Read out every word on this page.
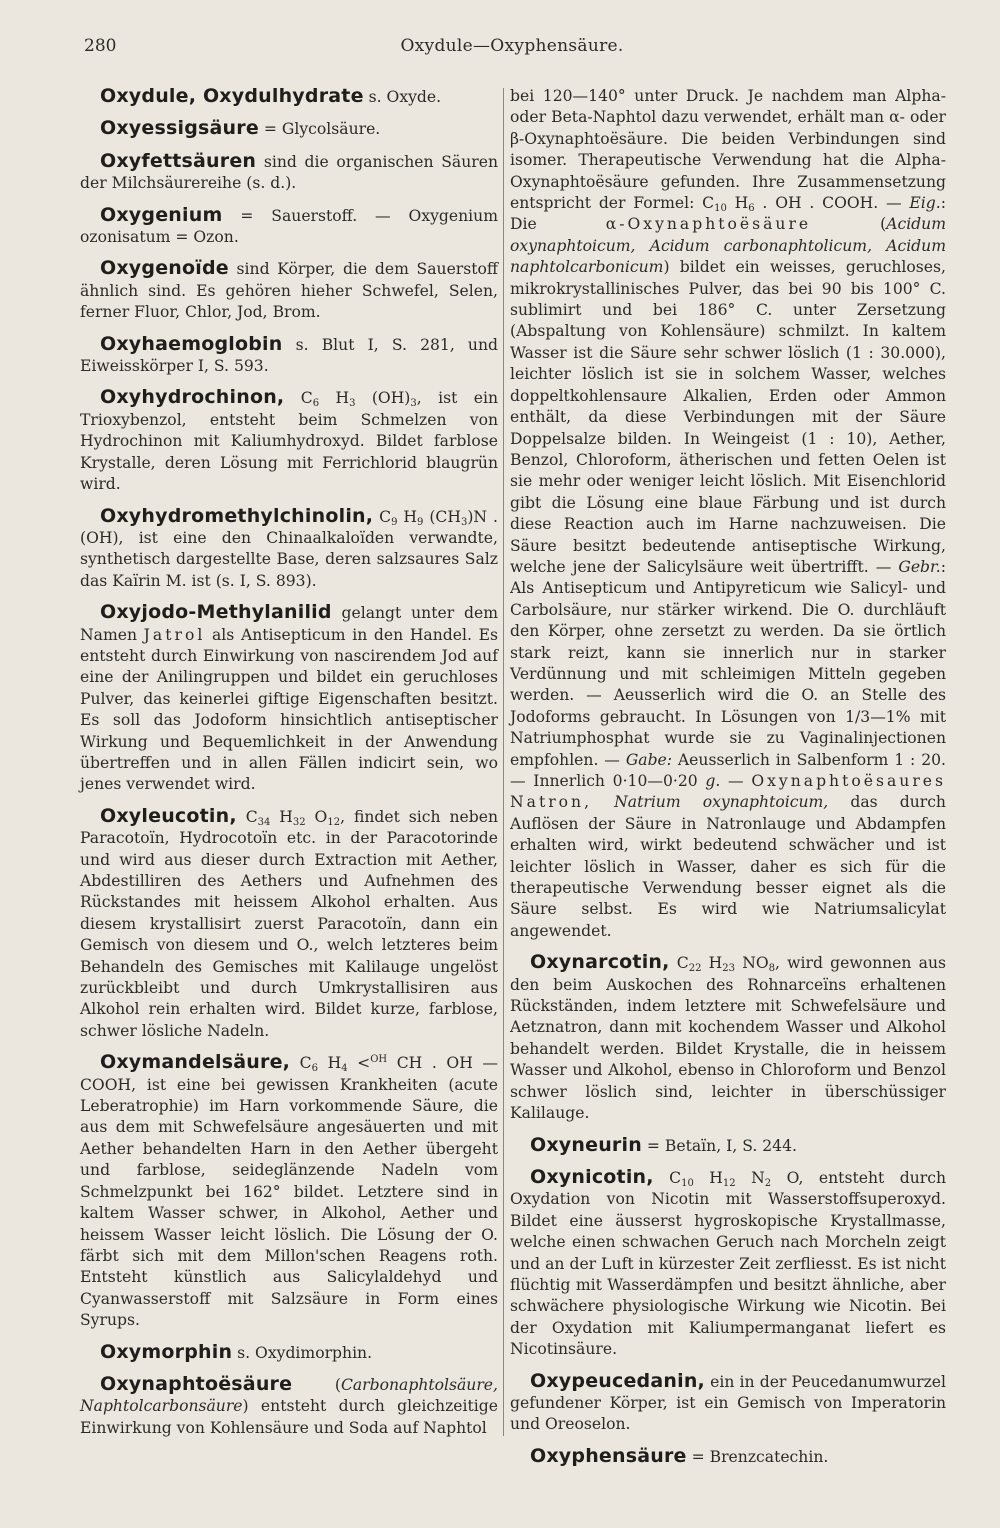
280	Oxydule—Oxyphensäure.

Oxydule, Oxydulhydrate s. Oxyde.

Oxyessigsäure = Glycolsäure.

Oxyfettsäuren sind die organischen Säuren der Milchsäurereihe (s. d.).

Oxygenium = Sauerstoff. — Oxygenium ozonisatum = Ozon.

Oxygenoïde sind Körper, die dem Sauerstoff ähnlich sind. Es gehören hieher Schwefel, Selen, ferner Fluor, Chlor, Jod, Brom.

Oxyhaemoglobin s. Blut I, S. 281, und Eiweisskörper I, S. 593.

Oxyhydrochinon, $C_6$ $H_3$ $(OH)_3$, ist ein Trioxybenzol, entsteht beim Schmelzen von Hydrochinon mit Kaliumhydroxyd. Bildet farblose Krystalle, deren Lösung mit Ferrichlorid blaugrün wird.

Oxyhydromethylchinolin, $C_9$ $H_9$ $(CH_3)N$ . (OH), ist eine den Chinaalkaloïden verwandte, synthetisch dargestellte Base, deren salzsaures Salz das Kaïrin M. ist (s. I, S. 893).

Oxyjodo-Methylanilid gelangt unter dem Namen Jatrol als Antisepticum in den Handel. Es entsteht durch Einwirkung von nascirendem Jod auf eine der Anilingruppen und bildet ein geruchloses Pulver, das keinerlei giftige Eigenschaften besitzt. Es soll das Jodoform hinsichtlich antiseptischer Wirkung und Bequemlichkeit in der Anwendung übertreffen und in allen Fällen indicirt sein, wo jenes verwendet wird.

Oxyleucotin, $C_{34}$ $H_{32}$ $O_{12}$, findet sich neben Paracotoïn, Hydrocotoïn etc. in der Paracotorinde und wird aus dieser durch Extraction mit Aether, Abdestilliren des Aethers und Aufnehmen des Rückstandes mit heissem Alkohol erhalten. Aus diesem krystallisirt zuerst Paracotoïn, dann ein Gemisch von diesem und O., welch letzteres beim Behandeln des Gemisches mit Kalilauge ungelöst zurückbleibt und durch Umkrystallisiren aus Alkohol rein erhalten wird. Bildet kurze, farblose, schwer lösliche Nadeln.

Oxymandelsäure, $C_6$ $H_4 <^{OH}$ CH . OH — COOH, ist eine bei gewissen Krankheiten (acute Leberatrophie) im Harn vorkommende Säure, die aus dem mit Schwefelsäure angesäuerten und mit Aether behandelten Harn in den Aether übergeht und farblose, seideglänzende Nadeln vom Schmelzpunkt bei 162° bildet. Letztere sind in kaltem Wasser schwer, in Alkohol, Aether und heissem Wasser leicht löslich. Die Lösung der O. färbt sich mit dem Millon'schen Reagens roth. Entsteht künstlich aus Salicylaldehyd und Cyanwasserstoff mit Salzsäure in Form eines Syrups.

Oxymorphin s. Oxydimorphin.

Oxynaphtoësäure (Carbonaphtolsäure, Naphtolcarbonsäure) entsteht durch gleichzeitige Einwirkung von Kohlensäure und Soda auf Naphtol

bei 120—140° unter Druck. Je nachdem man Alpha- oder Beta-Naphtol dazu verwendet, erhält man α- oder β-Oxynaphtoësäure. Die beiden Verbindungen sind isomer. Therapeutische Verwendung hat die Alpha-Oxynaphtoësäure gefunden. Ihre Zusammensetzung entspricht der Formel: $C_{10}$ $H_6$ . OH . COOH. — Eig.: Die α-Oxynaphtoësäure (Acidum oxynaphtoicum, Acidum carbonaphtolicum, Acidum naphtolcarbonicum) bildet ein weisses, geruchloses, mikrokrystallinisches Pulver, das bei 90 bis 100° C. sublimirt und bei 186° C. unter Zersetzung (Abspaltung von Kohlensäure) schmilzt. In kaltem Wasser ist die Säure sehr schwer löslich (1 : 30.000), leichter löslich ist sie in solchem Wasser, welches doppeltkohlensaure Alkalien, Erden oder Ammon enthält, da diese Verbindungen mit der Säure Doppelsalze bilden. In Weingeist (1 : 10), Aether, Benzol, Chloroform, ätherischen und fetten Oelen ist sie mehr oder weniger leicht löslich. Mit Eisenchlorid gibt die Lösung eine blaue Färbung und ist durch diese Reaction auch im Harne nachzuweisen. Die Säure besitzt bedeutende antiseptische Wirkung, welche jene der Salicylsäure weit übertrifft. — Gebr.: Als Antisepticum und Antipyreticum wie Salicyl- und Carbolsäure, nur stärker wirkend. Die O. durchläuft den Körper, ohne zersetzt zu werden. Da sie örtlich stark reizt, kann sie innerlich nur in starker Verdünnung und mit schleimigen Mitteln gegeben werden. — Aeusserlich wird die O. an Stelle des Jodoforms gebraucht. In Lösungen von 1/3—1% mit Natriumphosphat wurde sie zu Vaginalinjectionen empfohlen. — Gabe: Aeusserlich in Salbenform 1 : 20. — Innerlich 0·10—0·20 g. — Oxynaphtoësaures Natron, Natrium oxynaphtoicum, das durch Auflösen der Säure in Natronlauge und Abdampfen erhalten wird, wirkt bedeutend schwächer und ist leichter löslich in Wasser, daher es sich für die therapeutische Verwendung besser eignet als die Säure selbst. Es wird wie Natriumsalicylat angewendet.

Oxynarcotin, $C_{22}$ $H_{23}$ $NO_8$, wird gewonnen aus den beim Auskochen des Rohnarceïns erhaltenen Rückständen, indem letztere mit Schwefelsäure und Aetznatron, dann mit kochendem Wasser und Alkohol behandelt werden. Bildet Krystalle, die in heissem Wasser und Alkohol, ebenso in Chloroform und Benzol schwer löslich sind, leichter in überschüssiger Kalilauge.

Oxyneurin = Betaïn, I, S. 244.

Oxynicotin, $C_{10}$ $H_{12}$ $N_2$ O, entsteht durch Oxydation von Nicotin mit Wasserstoffsuperoxyd. Bildet eine äusserst hygroskopische Krystallmasse, welche einen schwachen Geruch nach Morcheln zeigt und an der Luft in kürzester Zeit zerfliesst. Es ist nicht flüchtig mit Wasserdämpfen und besitzt ähnliche, aber schwächere physiologische Wirkung wie Nicotin. Bei der Oxydation mit Kaliumpermanganat liefert es Nicotinsäure.

Oxypeucedanin, ein in der Peucedanumwurzel gefundener Körper, ist ein Gemisch von Imperatorin und Oreoselon.

Oxyphensäure = Brenzcatechin.
